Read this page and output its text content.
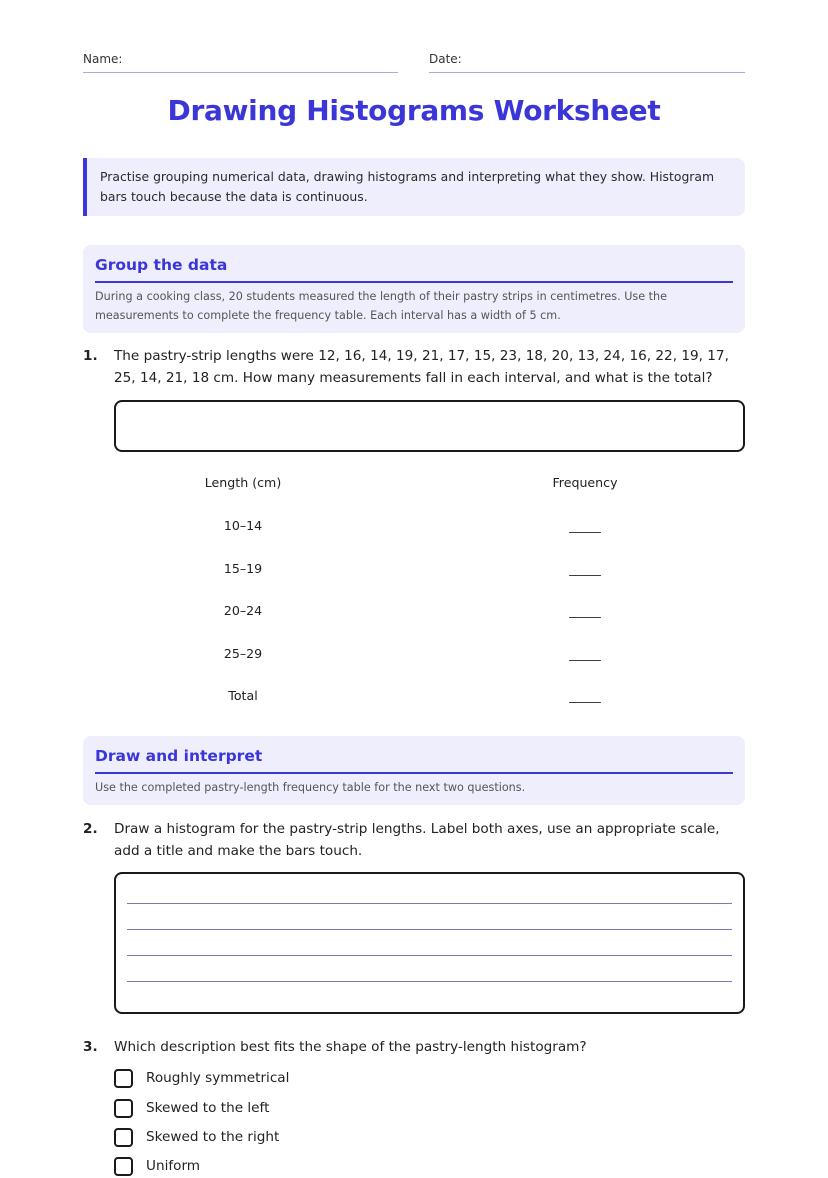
Name:	Date:
Drawing Histograms Worksheet
Practise grouping numerical data, drawing histograms and interpreting what they show. Histogram bars touch because the data is continuous.
Group the data
During a cooking class, 20 students measured the length of their pastry strips in centimetres. Use the measurements to complete the frequency table. Each interval has a width of 5 cm.
1. The pastry-strip lengths were 12, 16, 14, 19, 21, 17, 15, 23, 18, 20, 13, 24, 16, 22, 19, 17, 25, 14, 21, 18 cm. How many measurements fall in each interval, and what is the total?
Length (cm)	Frequency
10–14	_____
15–19	_____
20–24	_____
25–29	_____
Total	_____
Draw and interpret
Use the completed pastry-length frequency table for the next two questions.
2. Draw a histogram for the pastry-strip lengths. Label both axes, use an appropriate scale, add a title and make the bars touch.
3. Which description best fits the shape of the pastry-length histogram?
Roughly symmetrical
Skewed to the left
Skewed to the right
Uniform
